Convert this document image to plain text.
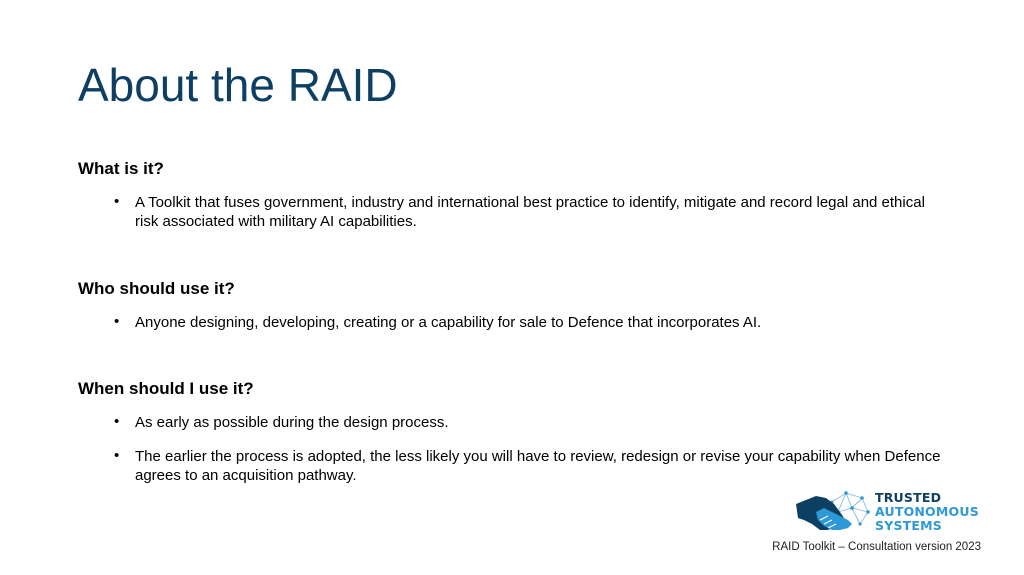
About the RAID
What is it?
• A Toolkit that fuses government, industry and international best practice to identify, mitigate and record legal and ethical risk associated with military AI capabilities.
Who should use it?
• Anyone designing, developing, creating or a capability for sale to Defence that incorporates AI.
When should I use it?
• As early as possible during the design process.
• The earlier the process is adopted, the less likely you will have to review, redesign or revise your capability when Defence agrees to an acquisition pathway.
TRUSTED
AUTONOMOUS
SYSTEMS
RAID Toolkit – Consultation version 2023
